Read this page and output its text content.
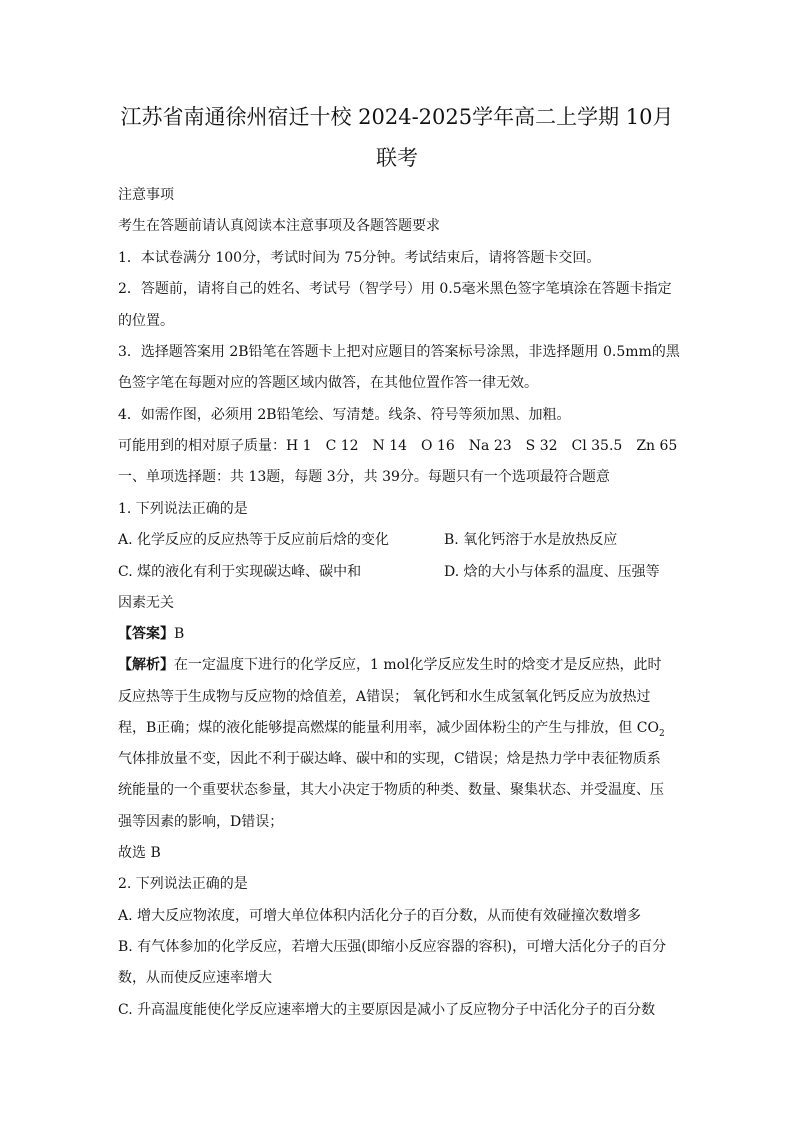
江苏省南通徐州宿迁十校 2024-2025学年高二上学期 10月
联考
注意事项
考生在答题前请认真阅读本注意事项及各题答题要求
1．本试卷满分 100分，考试时间为 75分钟。考试结束后，请将答题卡交回。
2．答题前，请将自己的姓名、考试号（智学号）用 0.5毫米黑色签字笔填涂在答题卡指定
的位置。
3．选择题答案用 2B铅笔在答题卡上把对应题目的答案标号涂黑，非选择题用 0.5mm的黑
色签字笔在每题对应的答题区域内做答，在其他位置作答一律无效。
4．如需作图，必须用 2B铅笔绘、写清楚。线条、符号等须加黑、加粗。
可能用到的相对原子质量：H 1　C 12　N 14　O 16　Na 23　S 32　Cl 35.5　Zn 65
一、单项选择题：共 13题，每题 3分，共 39分。每题只有一个选项最符合题意
1. 下列说法正确的是
A. 化学反应的反应热等于反应前后焓的变化	B. 氧化钙溶于水是放热反应
C. 煤的液化有利于实现碳达峰、碳中和	D. 焓的大小与体系的温度、压强等
因素无关
【答案】B
【解析】在一定温度下进行的化学反应，1 mol化学反应发生时的焓变才是反应热，此时
反应热等于生成物与反应物的焓值差，A错误； 氧化钙和水生成氢氧化钙反应为放热过
程，B正确；煤的液化能够提高燃煤的能量利用率，减少固体粉尘的产生与排放，但 $CO_2$
气体排放量不变，因此不利于碳达峰、碳中和的实现，C错误；焓是热力学中表征物质系
统能量的一个重要状态参量，其大小决定于物质的种类、数量、聚集状态、并受温度、压
强等因素的影响，D错误；
故选 B
2. 下列说法正确的是
A. 增大反应物浓度，可增大单位体积内活化分子的百分数，从而使有效碰撞次数增多
B. 有气体参加的化学反应，若增大压强(即缩小反应容器的容积)，可增大活化分子的百分
数，从而使反应速率增大
C. 升高温度能使化学反应速率增大的主要原因是减小了反应物分子中活化分子的百分数
